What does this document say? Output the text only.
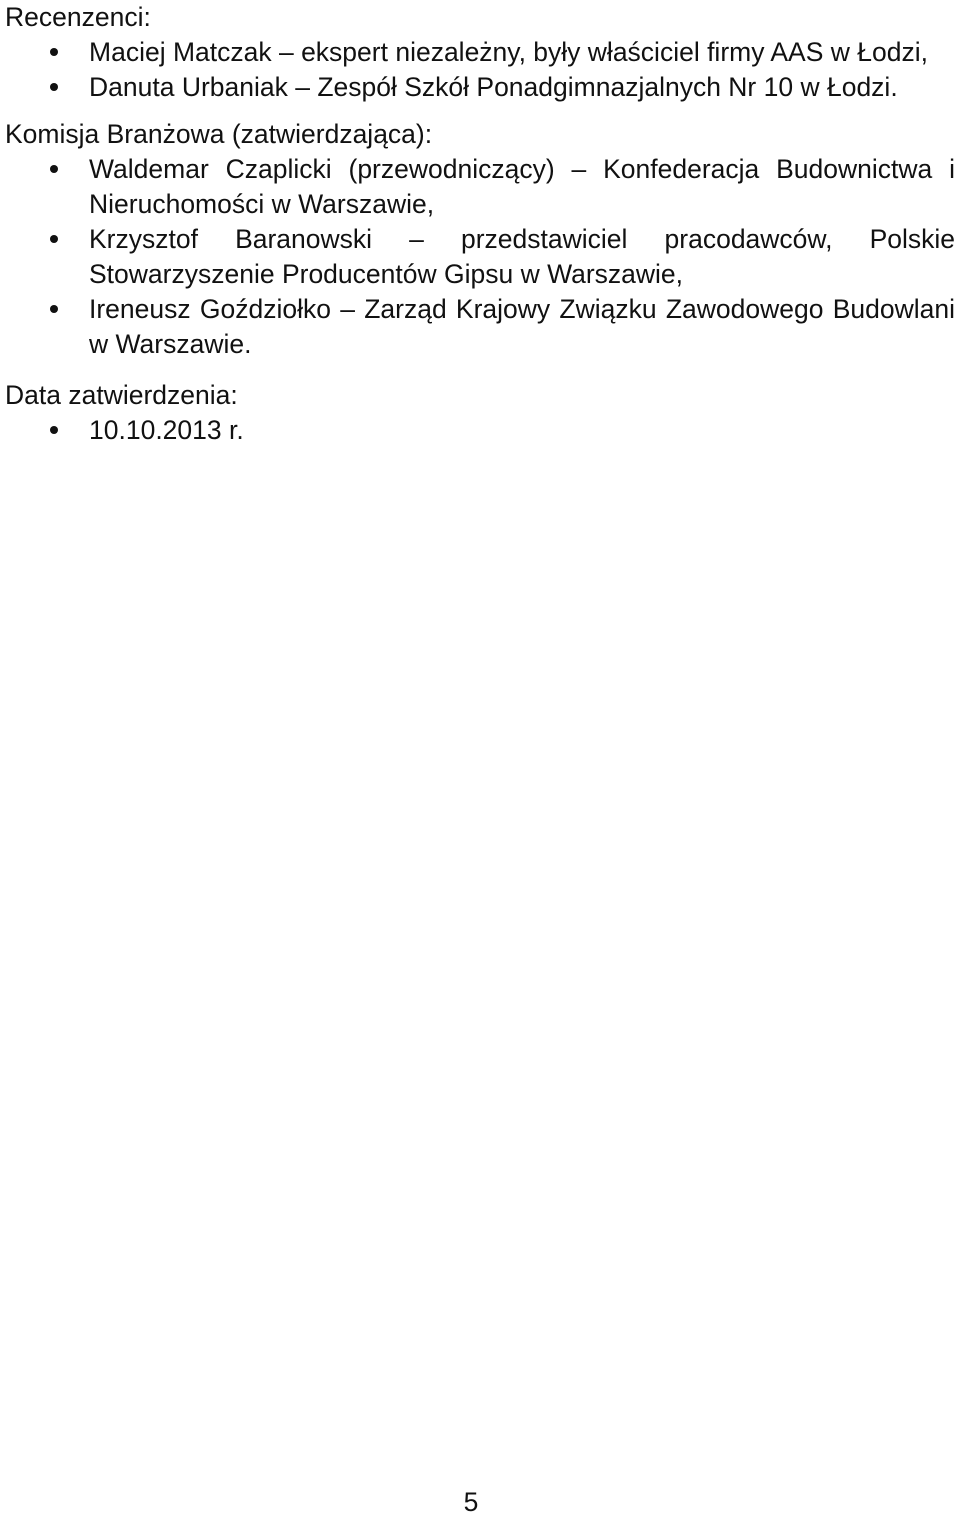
Recenzenci:
Maciej Matczak – ekspert niezależny, były właściciel firmy AAS w Łodzi,
Danuta Urbaniak – Zespół Szkół Ponadgimnazjalnych Nr 10 w Łodzi.
Komisja Branżowa (zatwierdzająca):
Waldemar Czaplicki (przewodniczący) – Konfederacja Budownictwa i Nieruchomości w Warszawie,
Krzysztof Baranowski – przedstawiciel pracodawców, Polskie Stowarzyszenie Producentów Gipsu w Warszawie,
Ireneusz Goździołko – Zarząd Krajowy Związku Zawodowego Budowlani w Warszawie.
Data zatwierdzenia:
10.10.2013 r.
5
